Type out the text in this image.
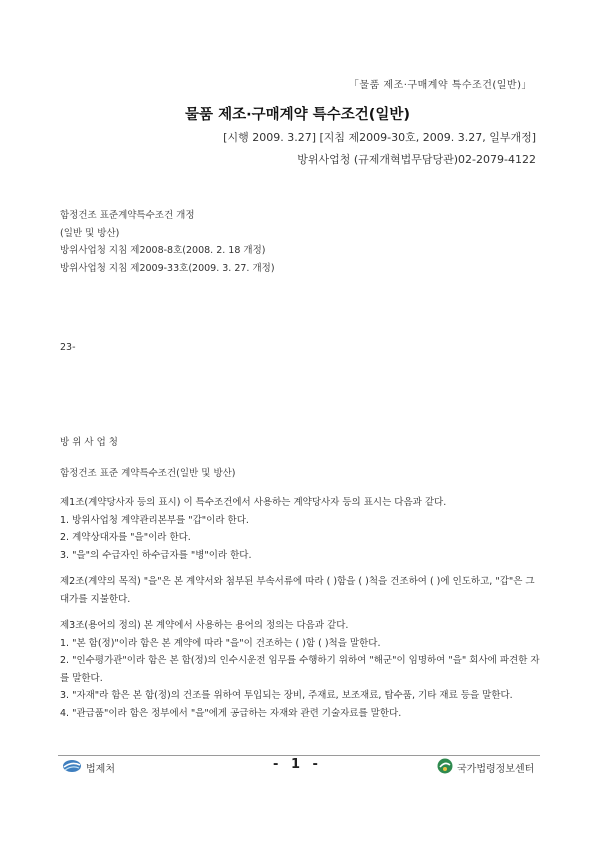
「물품 제조·구매계약 특수조건(일반)」
물품 제조·구매계약 특수조건(일반)
[시행 2009. 3.27] [지침 제2009-30호, 2009. 3.27, 일부개정]
방위사업청 (규제개혁법무담당관)02-2079-4122
함정건조 표준계약특수조건 개정
(일반 및 방산)
방위사업청 지침 제2008-8호(2008. 2. 18 개정)
방위사업청 지침 제2009-33호(2009. 3. 27. 개정)
23-
방 위 사 업 청
함정건조 표준 계약특수조건(일반 및 방산)

제1조(계약당사자 등의 표시) 이 특수조건에서 사용하는 계약당사자 등의 표시는 다음과 같다.

1. 방위사업청 계약관리본부를 "갑"이라 한다.

2. 계약상대자를 "을"이라 한다.

3. "을"의 수급자인 하수급자를 "병"이라 한다.

제2조(계약의 목적) "을"은 본 계약서와 첨부된 부속서류에 따라 ( )함을 ( )척을 건조하여 ( )에 인도하고, "갑"은 그 대가를 지불한다.

제3조(용어의 정의) 본 계약에서 사용하는 용어의 정의는 다음과 같다.

1. "본 함(정)"이라 함은 본 계약에 따라 "을"이 건조하는 ( )함 ( )척을 말한다.

2. "인수평가관"이라 함은 본 함(정)의 인수시운전 임무를 수행하기 위하여 "해군"이 임명하여 "을" 회사에 파견한 자를 말한다.

3. "자재"라 함은 본 함(정)의 건조를 위하여 투입되는 장비, 주재료, 보조재료, 탑수품, 기타 재료 등을 말한다.

4. "관급품"이라 함은 정부에서 "을"에게 공급하는 자재와 관련 기술자료를 말한다.

법제처	- 1 -	국가법령정보센터
